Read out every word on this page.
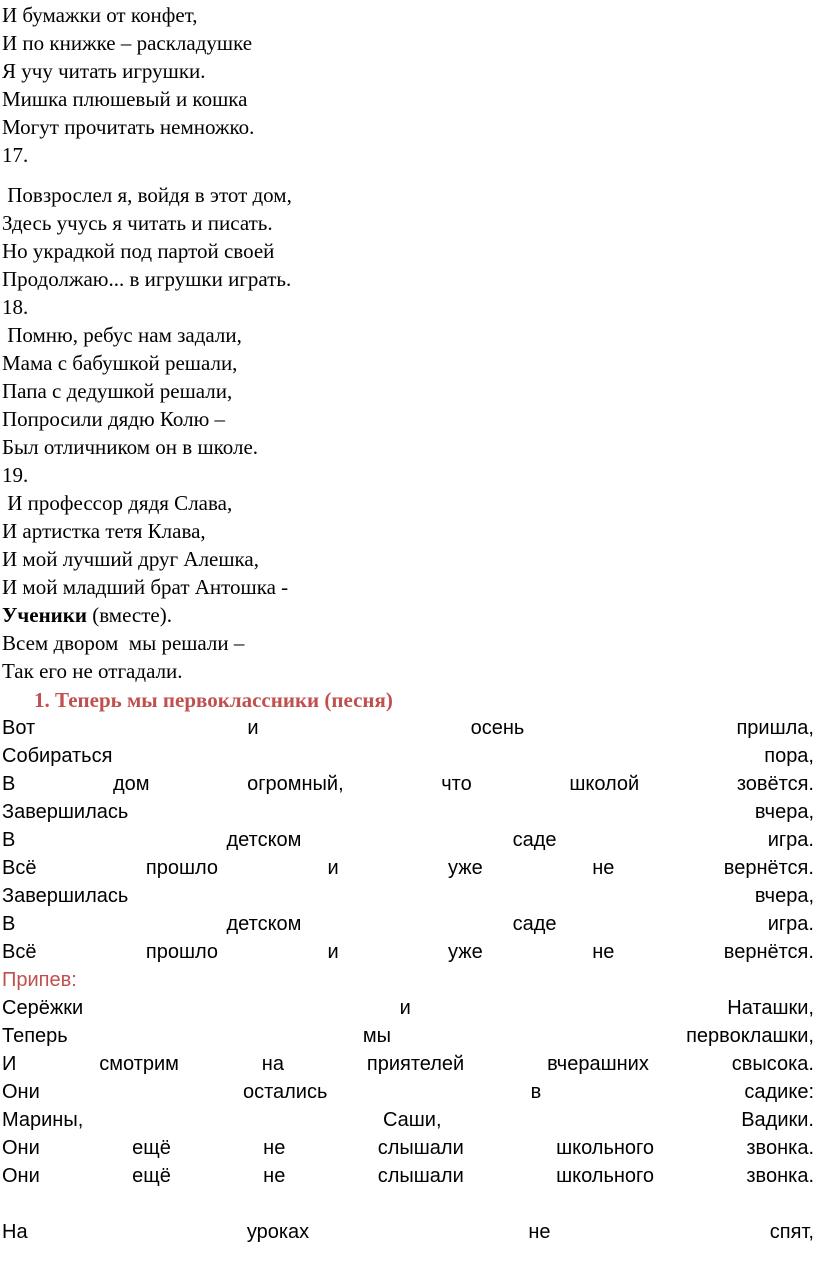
И бумажки от конфет,
И по книжке – раскладушке
Я учу читать игрушки.
Мишка плюшевый и кошка
Могут прочитать немножко.
17.
Повзрослел я, войдя в этот дом,
Здесь учусь я читать и писать.
Но украдкой под партой своей
Продолжаю... в игрушки играть.
18.
Помню, ребус нам задали,
Мама с бабушкой решали,
Папа с дедушкой решали,
Попросили дядю Колю –
Был отличником он в школе.
19.
И профессор дядя Слава,
И артистка тетя Клава,
И мой лучший друг Алешка,
И мой младший брат Антошка -
Ученики (вместе).
Всем двором  мы решали –
Так его не отгадали.
1. Теперь мы первоклассники (песня)
Вот	и	осень	пришла,
Собираться	пора,
В	дом	огромный,	что	школой	зовётся.
Завершилась	вчера,
В	детском	саде	игра.
Всё	прошло	и	уже	не	вернётся.
Завершилась	вчера,
В	детском	саде	игра.
Всё	прошло	и	уже	не	вернётся.
Припев:
Серёжки	и	Наташки,
Теперь	мы	первоклашки,
И	смотрим	на	приятелей	вчерашних	свысока.
Они	остались	в	садике:
Марины,	Саши,	Вадики.
Они	ещё	не	слышали	школьного	звонка.
Они	ещё	не	слышали	школьного	звонка.
На	уроках	не	спят,
